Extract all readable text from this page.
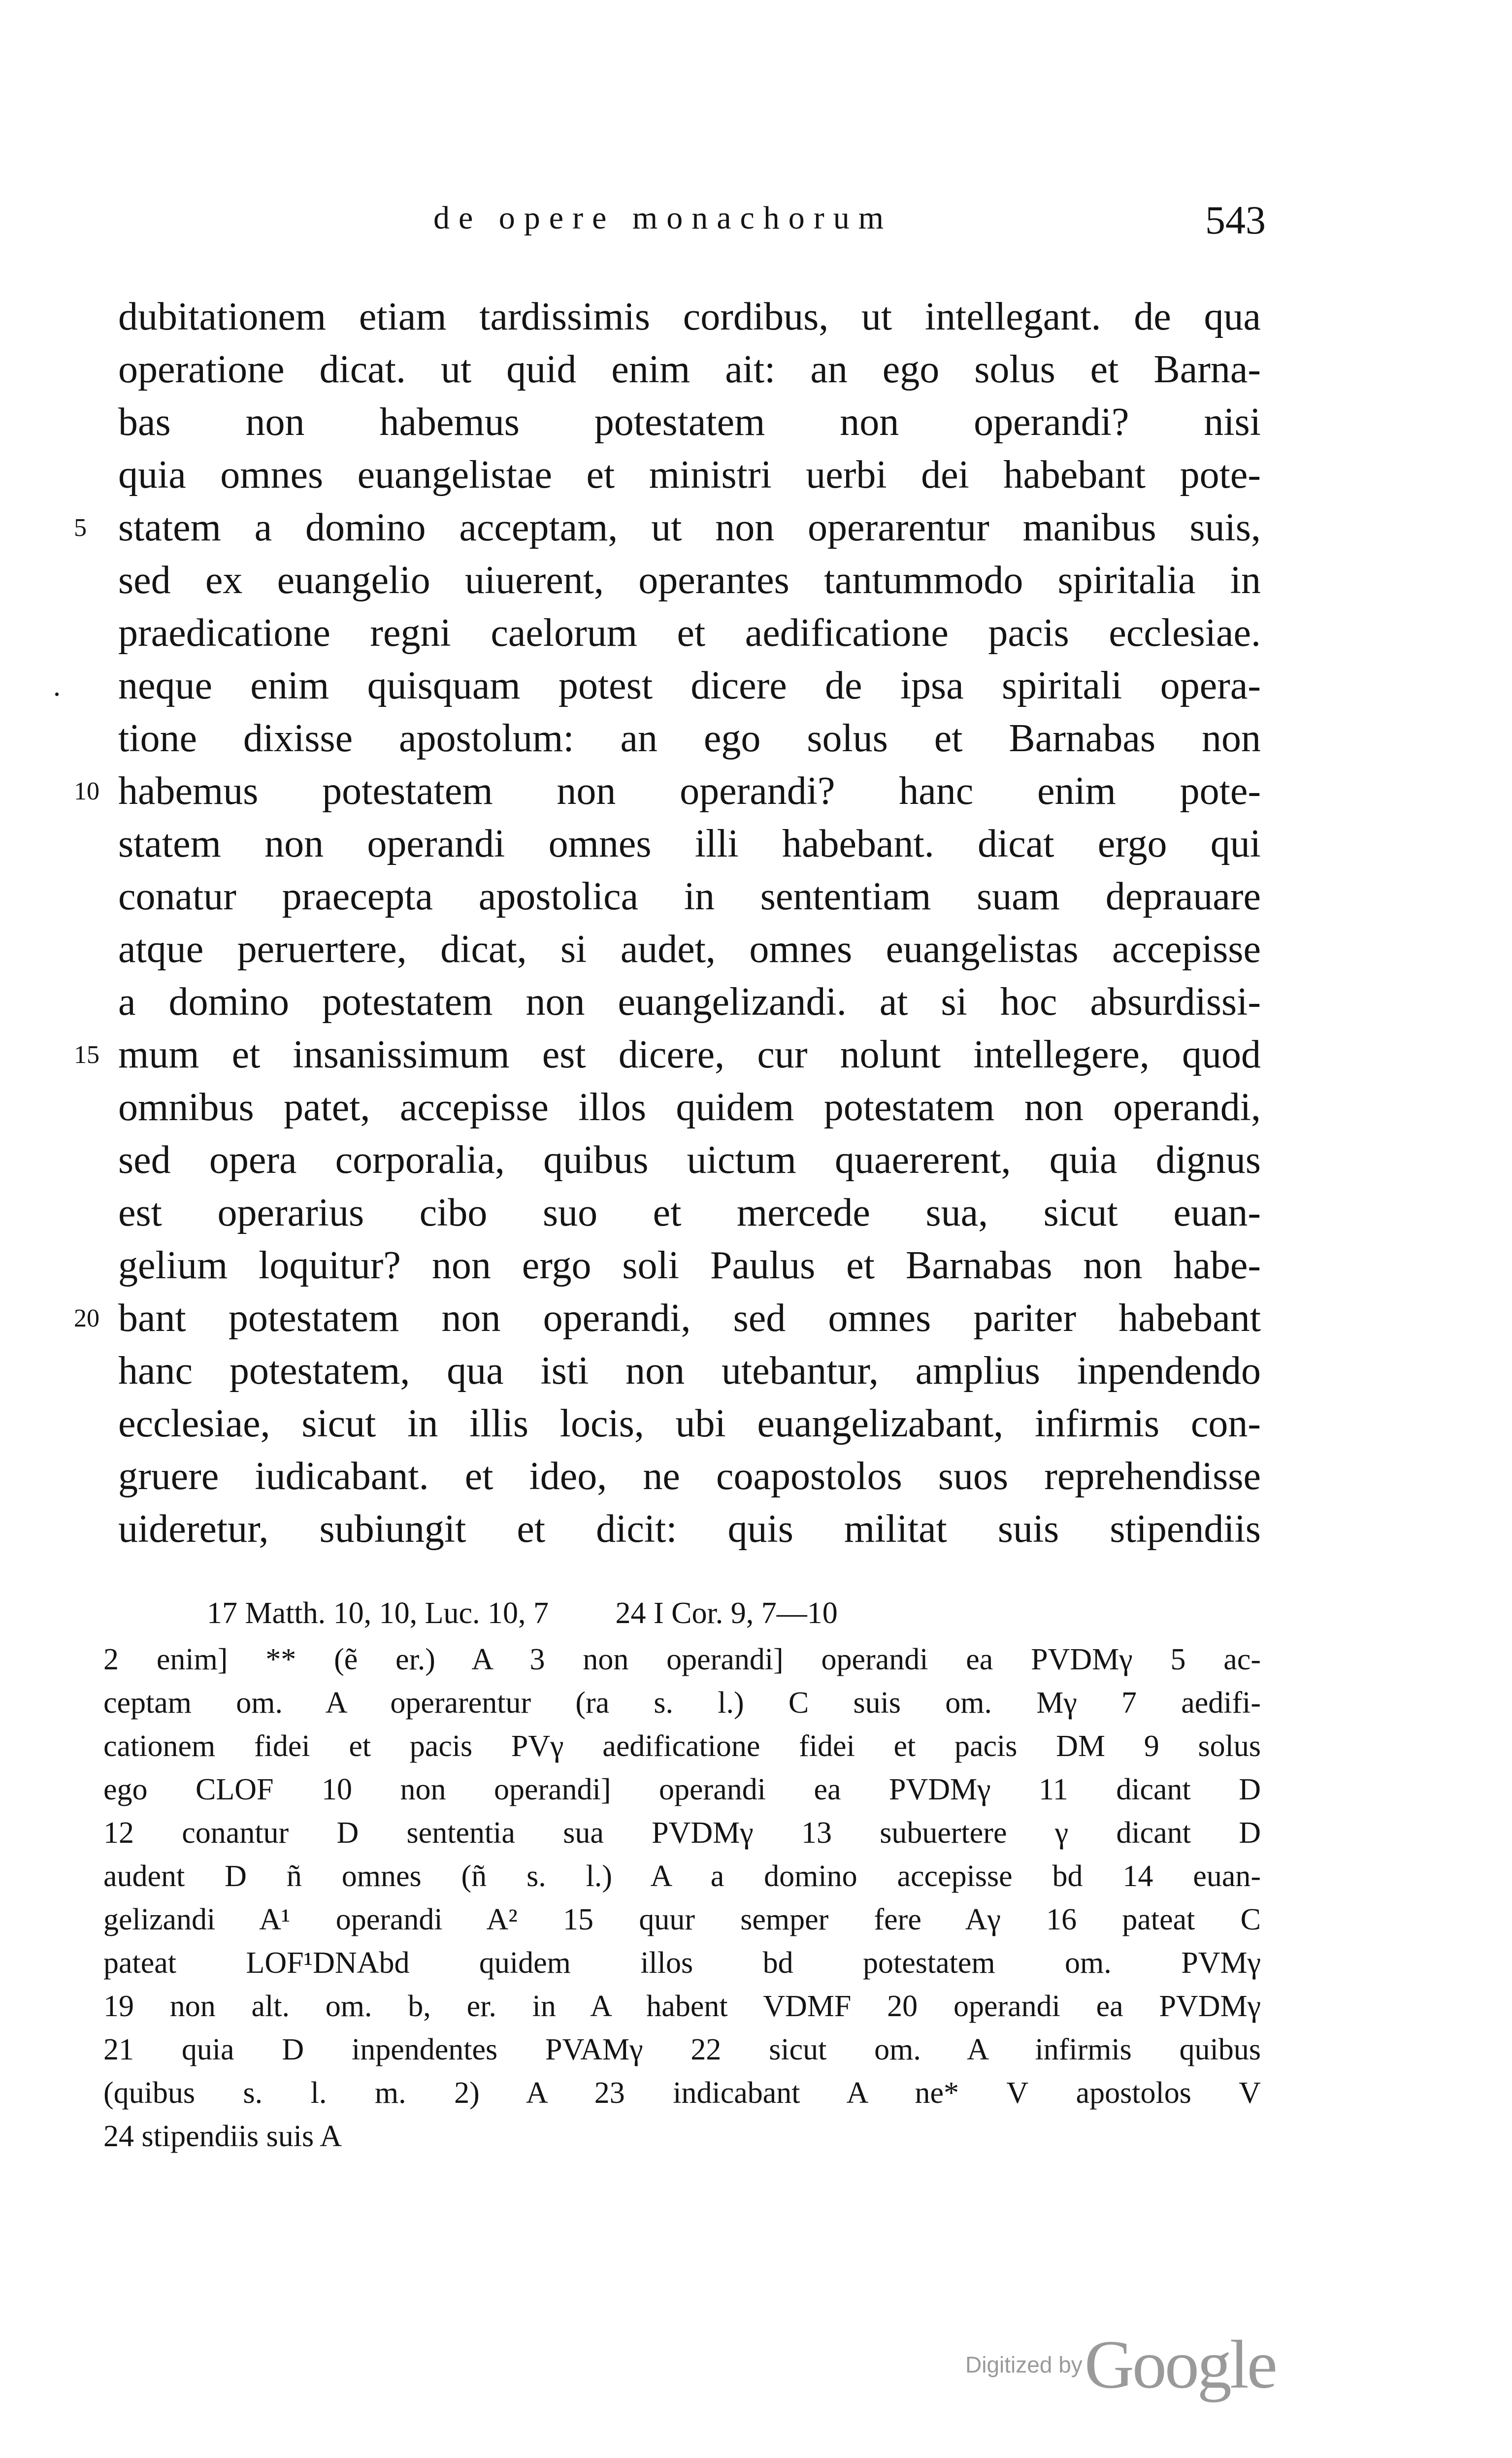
de opere monachorum	543
dubitationem etiam tardissimis cordibus, ut intellegant. de qua
operatione dicat. ut quid enim ait: an ego solus et Barna-
bas non habemus potestatem non operandi? nisi
quia omnes euangelistae et ministri uerbi dei habebant pote-
5 statem a domino acceptam, ut non operarentur manibus suis,
sed ex euangelio uiuerent, operantes tantummodo spiritalia in
praedicatione regni caelorum et aedificatione pacis ecclesiae.
. neque enim quisquam potest dicere de ipsa spiritali opera-
tione dixisse apostolum: an ego solus et Barnabas non
10 habemus potestatem non operandi? hanc enim pote-
statem non operandi omnes illi habebant. dicat ergo qui
conatur praecepta apostolica in sententiam suam deprauare
atque peruertere, dicat, si audet, omnes euangelistas accepisse
a domino potestatem non euangelizandi. at si hoc absurdissi-
15 mum et insanissimum est dicere, cur nolunt intellegere, quod
omnibus patet, accepisse illos quidem potestatem non operandi,
sed opera corporalia, quibus uictum quaererent, quia dignus
est operarius cibo suo et mercede sua, sicut euan-
gelium loquitur? non ergo soli Paulus et Barnabas non habe-
20 bant potestatem non operandi, sed omnes pariter habebant
hanc potestatem, qua isti non utebantur, amplius inpendendo
ecclesiae, sicut in illis locis, ubi euangelizabant, infirmis con-
gruere iudicabant. et ideo, ne coapostolos suos reprehendisse
uideretur, subiungit et dicit: quis militat suis stipendiis
17 Matth. 10, 10, Luc. 10, 7 24 I Cor. 9, 7—10
2 enim] ** (ẽ er.) A 3 non operandi] operandi ea PVDMγ 5 ac-
ceptam om. A operarentur (ra s. l.) C suis om. Mγ 7 aedifi-
cationem fidei et pacis PVγ aedificatione fidei et pacis DM 9 solus
ego CLOF 10 non operandi] operandi ea PVDMγ 11 dicant D
12 conantur D sententia sua PVDMγ 13 subuertere γ dicant D
audent D ñ omnes (ñ s. l.) A a domino accepisse bd 14 euan-
gelizandi A¹ operandi A² 15 quur semper fere Aγ 16 pateat C
pateat LOF¹DNAbd quidem illos bd potestatem om. PVMγ
19 non alt. om. b, er. in A habent VDMF 20 operandi ea PVDMγ
21 quia D inpendentes PVAMγ 22 sicut om. A infirmis quibus
(quibus s. l. m. 2) A 23 indicabant A ne* V apostolos V
24 stipendiis suis A
Digitized by Google
